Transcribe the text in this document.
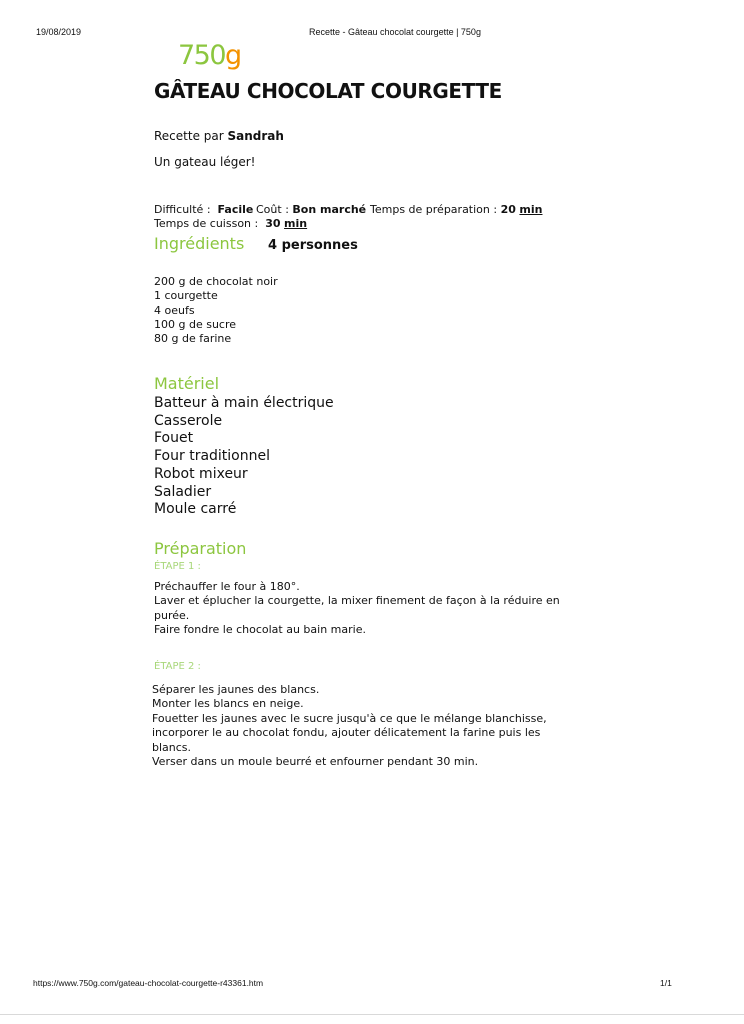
19/08/2019	Recette - Gâteau chocolat courgette | 750g
750g
GÂTEAU CHOCOLAT COURGETTE
Recette par Sandrah
Un gateau léger!
Difficulté : Facile Coût : Bon marché Temps de préparation : 20 min
Temps de cuisson : 30 min
Ingrédients 4 personnes
200 g de chocolat noir
1 courgette
4 oeufs
100 g de sucre
80 g de farine
Matériel
Batteur à main électrique
Casserole
Fouet
Four traditionnel
Robot mixeur
Saladier
Moule carré
Préparation
ÉTAPE 1 :
Préchauffer le four à 180°.
Laver et éplucher la courgette, la mixer finement de façon à la réduire en
purée.
Faire fondre le chocolat au bain marie.
ÉTAPE 2 :
Séparer les jaunes des blancs.
Monter les blancs en neige.
Fouetter les jaunes avec le sucre jusqu'à ce que le mélange blanchisse,
incorporer le au chocolat fondu, ajouter délicatement la farine puis les
blancs.
Verser dans un moule beurré et enfourner pendant 30 min.
https://www.750g.com/gateau-chocolat-courgette-r43361.htm	1/1
